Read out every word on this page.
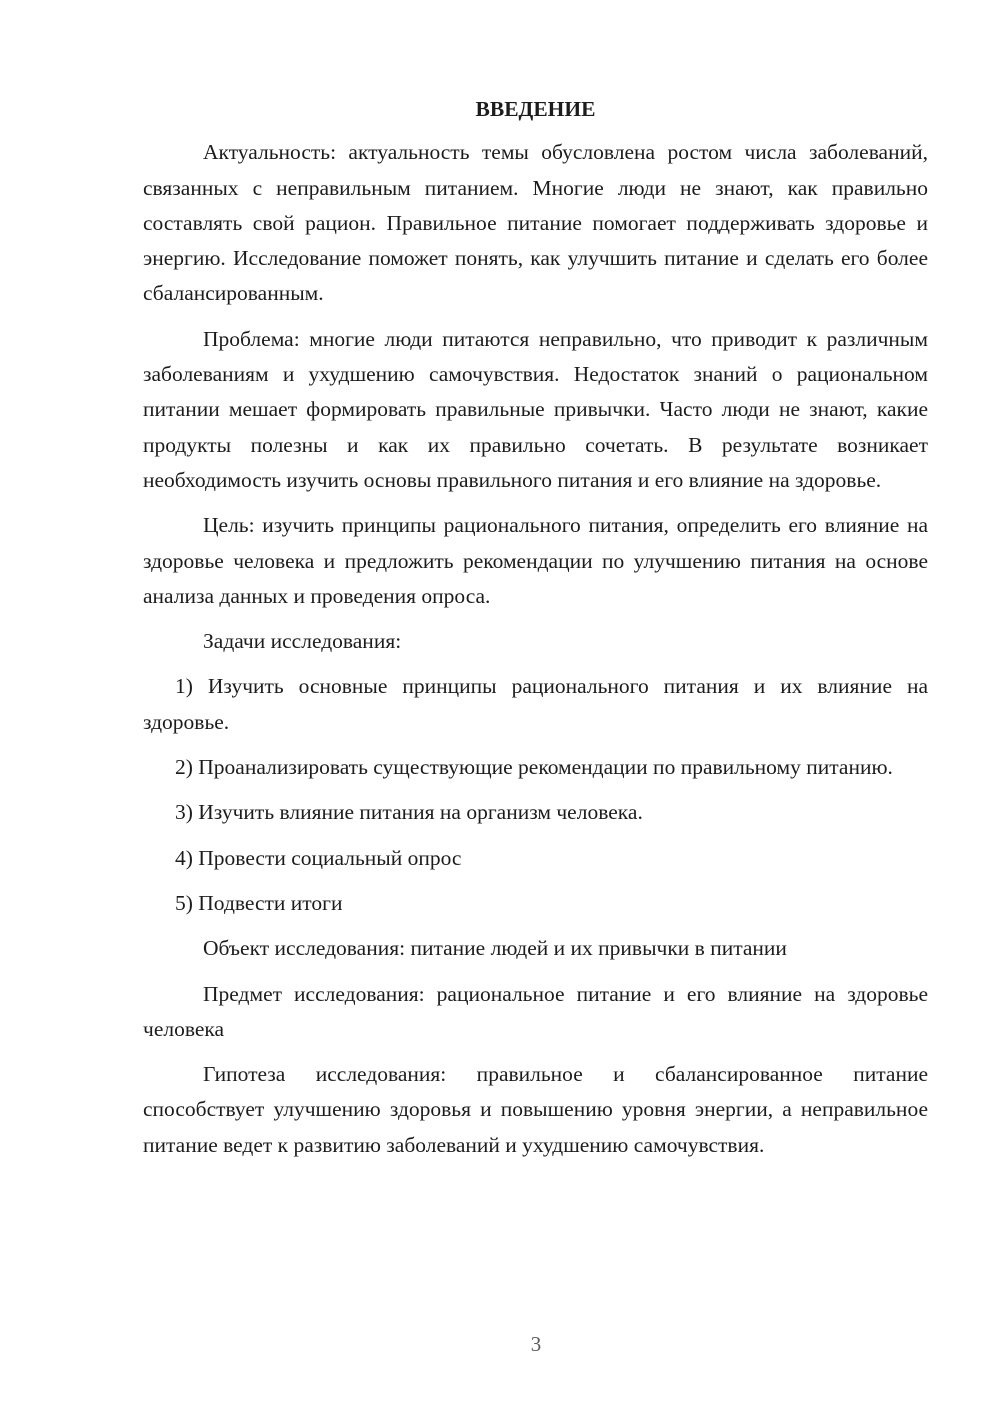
ВВЕДЕНИЕ

Актуальность: актуальность темы обусловлена ростом числа заболеваний, связанных с неправильным питанием. Многие люди не знают, как правильно составлять свой рацион. Правильное питание помогает поддерживать здоровье и энергию. Исследование поможет понять, как улучшить питание и сделать его более сбалансированным.

Проблема: многие люди питаются неправильно, что приводит к различным заболеваниям и ухудшению самочувствия. Недостаток знаний о рациональном питании мешает формировать правильные привычки. Часто люди не знают, какие продукты полезны и как их правильно сочетать. В результате возникает необходимость изучить основы правильного питания и его влияние на здоровье.

Цель: изучить принципы рационального питания, определить его влияние на здоровье человека и предложить рекомендации по улучшению питания на основе анализа данных и проведения опроса.

Задачи исследования:

1) Изучить основные принципы рационального питания и их влияние на здоровье.

2) Проанализировать существующие рекомендации по правильному питанию.

3) Изучить влияние питания на организм человека.

4) Провести социальный опрос

5) Подвести итоги

Объект исследования: питание людей и их привычки в питании

Предмет исследования: рациональное питание и его влияние на здоровье человека

Гипотеза исследования: правильное и сбалансированное питание способствует улучшению здоровья и повышению уровня энергии, а неправильное питание ведет к развитию заболеваний и ухудшению самочувствия.

3
